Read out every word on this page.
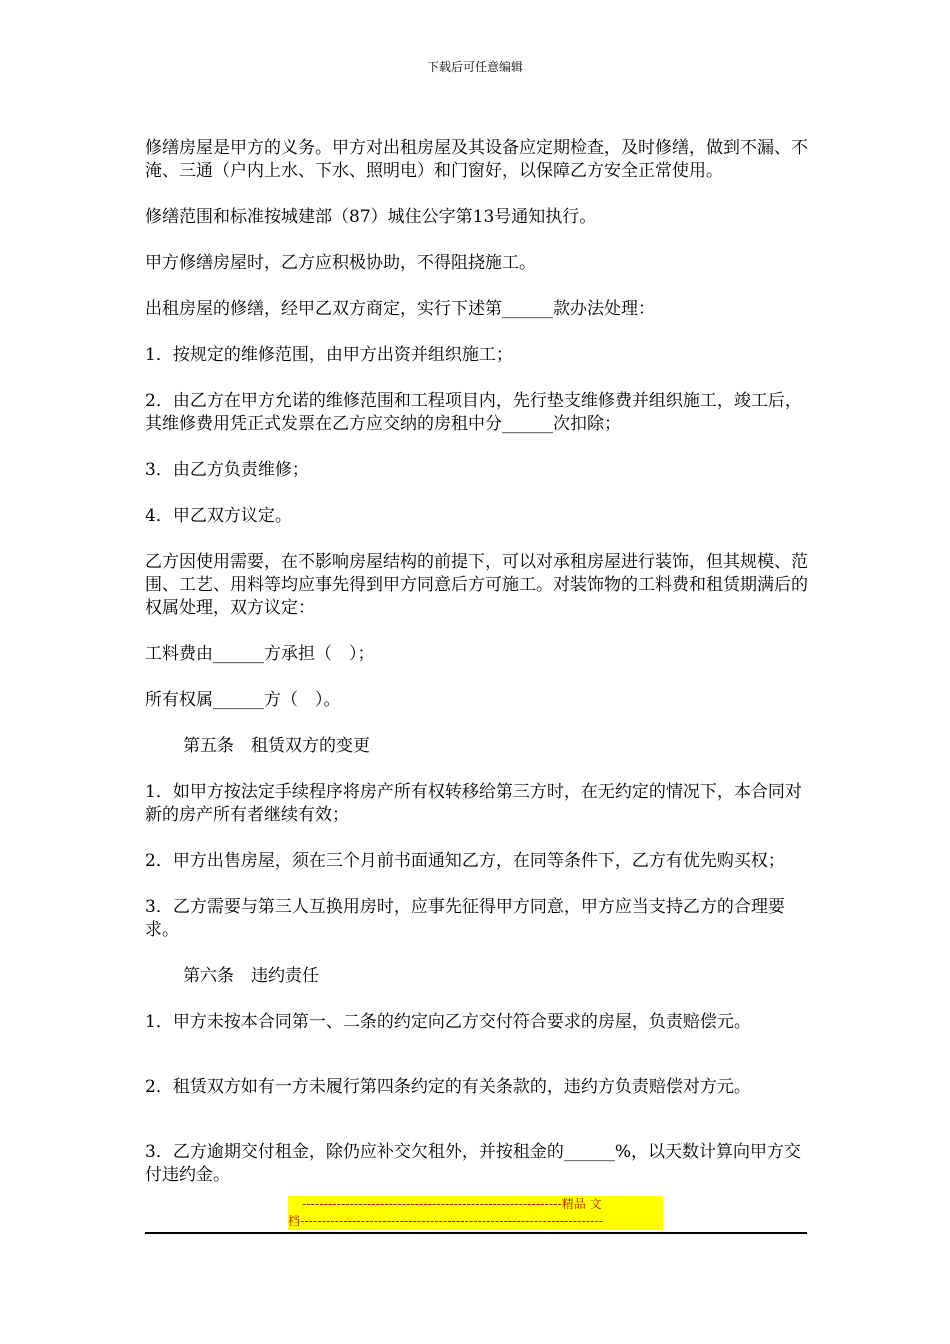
下载后可任意编辑

修缮房屋是甲方的义务。甲方对出租房屋及其设备应定期检查，及时修缮，做到不漏、不淹、三通（户内上水、下水、照明电）和门窗好，以保障乙方安全正常使用。

修缮范围和标准按城建部（87）城住公字第13号通知执行。

甲方修缮房屋时，乙方应积极协助，不得阻挠施工。

出租房屋的修缮，经甲乙双方商定，实行下述第______款办法处理：

1．按规定的维修范围，由甲方出资并组织施工；

2．由乙方在甲方允诺的维修范围和工程项目内，先行垫支维修费并组织施工，竣工后，其维修费用凭正式发票在乙方应交纳的房租中分______次扣除；

3．由乙方负责维修；

4．甲乙双方议定。

乙方因使用需要，在不影响房屋结构的前提下，可以对承租房屋进行装饰，但其规模、范围、工艺、用料等均应事先得到甲方同意后方可施工。对装饰物的工料费和租赁期满后的权属处理，双方议定：

工料费由______方承担（　）；

所有权属______方（　）。

第五条　租赁双方的变更

1．如甲方按法定手续程序将房产所有权转移给第三方时，在无约定的情况下，本合同对新的房产所有者继续有效；

2．甲方出售房屋，须在三个月前书面通知乙方，在同等条件下，乙方有优先购买权；

3．乙方需要与第三人互换用房时，应事先征得甲方同意，甲方应当支持乙方的合理要求。

第六条　违约责任

1．甲方未按本合同第一、二条的约定向乙方交付符合要求的房屋，负责赔偿元。

2．租赁双方如有一方未履行第四条约定的有关条款的，违约方负责赔偿对方元。

3．乙方逾期交付租金，除仍应补交欠租外，并按租金的______%，以天数计算向甲方交付违约金。

------------------------------------------------------------精品 文
档----------------------------------------------------------------------
